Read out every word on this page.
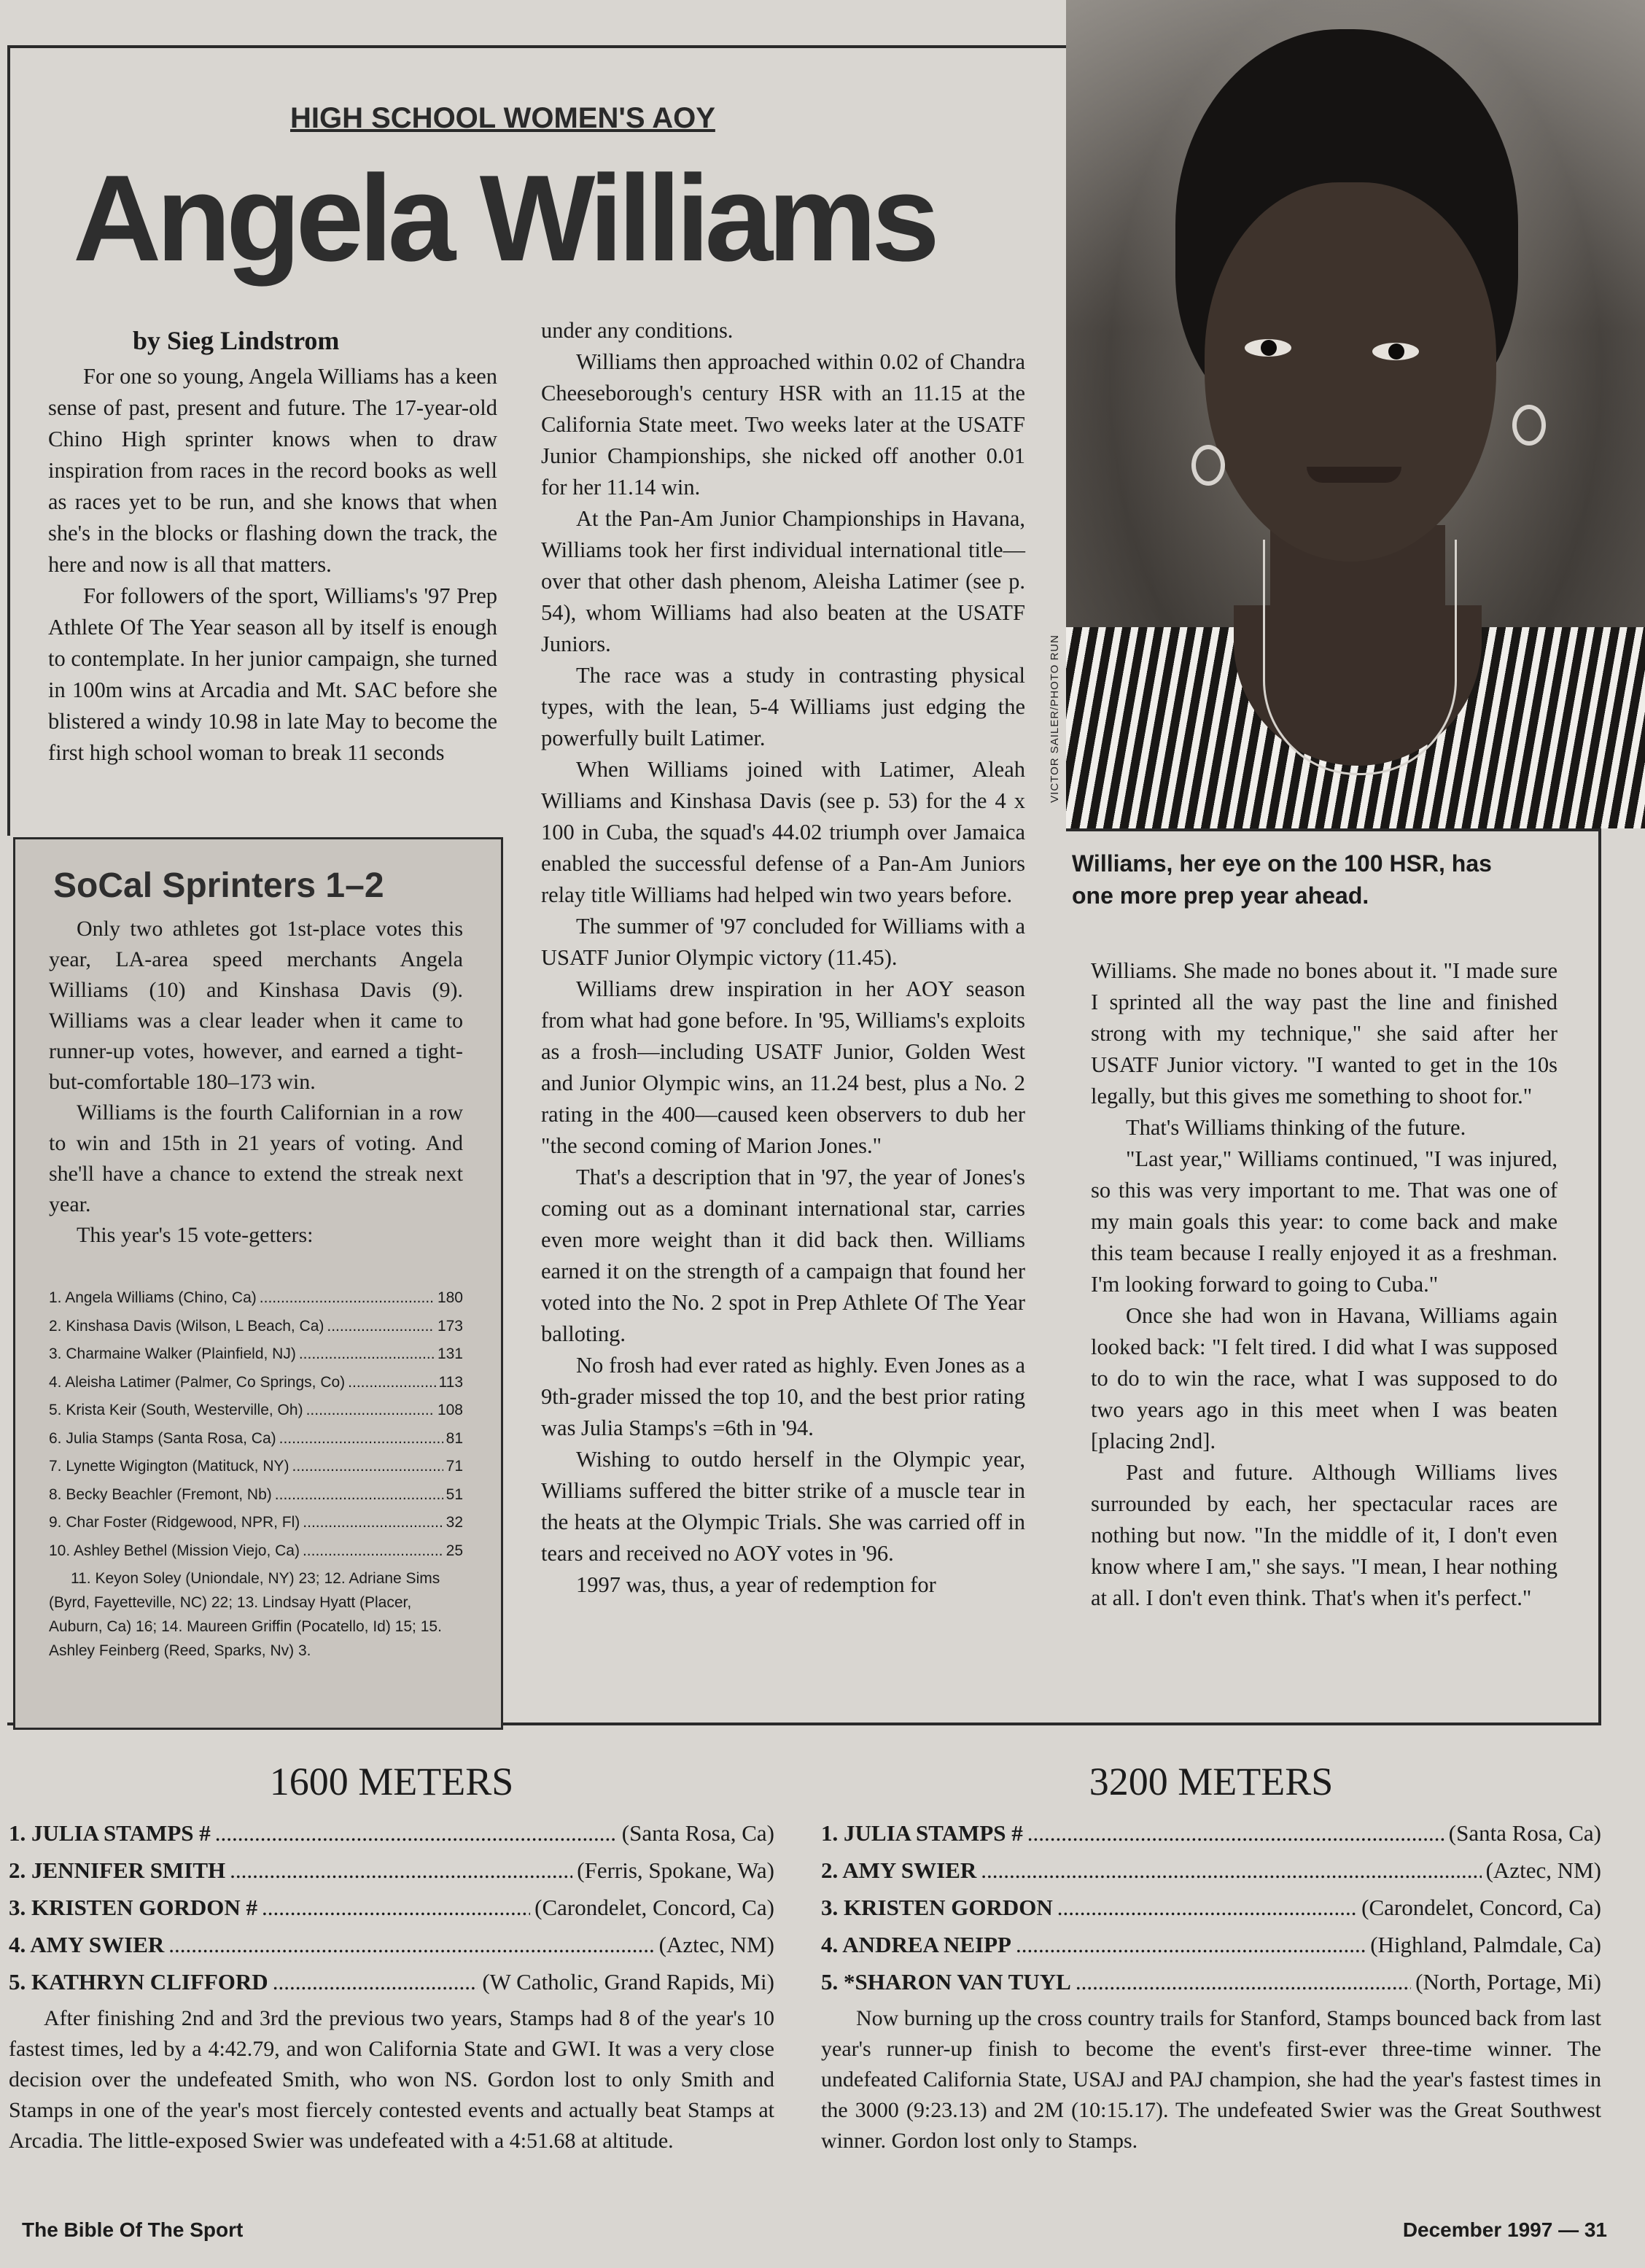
VICTOR SAILER/PHOTO RUN
HIGH SCHOOL WOMEN'S AOY
Angela Williams
by Sieg Lindstrom

For one so young, Angela Williams has a keen sense of past, present and future. The 17-year-old Chino High sprinter knows when to draw inspiration from races in the record books as well as races yet to be run, and she knows that when she's in the blocks or flashing down the track, the here and now is all that matters.

For followers of the sport, Williams's '97 Prep Athlete Of The Year season all by itself is enough to contemplate. In her junior campaign, she turned in 100m wins at Arcadia and Mt. SAC before she blistered a windy 10.98 in late May to become the first high school woman to break 11 seconds

under any conditions.

Williams then approached within 0.02 of Chandra Cheeseborough's century HSR with an 11.15 at the California State meet. Two weeks later at the USATF Junior Championships, she nicked off another 0.01 for her 11.14 win.

At the Pan-Am Junior Championships in Havana, Williams took her first individual international title—over that other dash phenom, Aleisha Latimer (see p. 54), whom Williams had also beaten at the USATF Juniors.

The race was a study in contrasting physical types, with the lean, 5-4 Williams just edging the powerfully built Latimer.

When Williams joined with Latimer, Aleah Williams and Kinshasa Davis (see p. 53) for the 4 x 100 in Cuba, the squad's 44.02 triumph over Jamaica enabled the successful defense of a Pan-Am Juniors relay title Williams had helped win two years before.

The summer of '97 concluded for Williams with a USATF Junior Olympic victory (11.45).

Williams drew inspiration in her AOY season from what had gone before. In '95, Williams's exploits as a frosh—including USATF Junior, Golden West and Junior Olympic wins, an 11.24 best, plus a No. 2 rating in the 400—caused keen observers to dub her "the second coming of Marion Jones."

That's a description that in '97, the year of Jones's coming out as a dominant international star, carries even more weight than it did back then. Williams earned it on the strength of a campaign that found her voted into the No. 2 spot in Prep Athlete Of The Year balloting.

No frosh had ever rated as highly. Even Jones as a 9th-grader missed the top 10, and the best prior rating was Julia Stamps's =6th in '94.

Wishing to outdo herself in the Olympic year, Williams suffered the bitter strike of a muscle tear in the heats at the Olympic Trials. She was carried off in tears and received no AOY votes in '96.

1997 was, thus, a year of redemption for

Williams, her eye on the 100 HSR, has one more prep year ahead.

Williams. She made no bones about it. "I made sure I sprinted all the way past the line and finished strong with my technique," she said after her USATF Junior victory. "I wanted to get in the 10s legally, but this gives me something to shoot for."

That's Williams thinking of the future.

"Last year," Williams continued, "I was injured, so this was very important to me. That was one of my main goals this year: to come back and make this team because I really enjoyed it as a freshman. I'm looking forward to going to Cuba."

Once she had won in Havana, Williams again looked back: "I felt tired. I did what I was supposed to do to win the race, what I was supposed to do two years ago in this meet when I was beaten [placing 2nd].

Past and future. Although Williams lives surrounded by each, her spectacular races are nothing but now. "In the middle of it, I don't even know where I am," she says. "I mean, I hear nothing at all. I don't even think. That's when it's perfect."

SoCal Sprinters 1–2

Only two athletes got 1st-place votes this year, LA-area speed merchants Angela Williams (10) and Kinshasa Davis (9). Williams was a clear leader when it came to runner-up votes, however, and earned a tight-but-comfortable 180–173 win.

Williams is the fourth Californian in a row to win and 15th in 21 years of voting. And she'll have a chance to extend the streak next year.

This year's 15 vote-getters:

1. Angela Williams (Chino, Ca) .....	180
2. Kinshasa Davis (Wilson, L Beach, Ca) .....	173
3. Charmaine Walker (Plainfield, NJ) .....	131
4. Aleisha Latimer (Palmer, Co Springs, Co) .....	113
5. Krista Keir (South, Westerville, Oh) .....	108
6. Julia Stamps (Santa Rosa, Ca) .....	81
7. Lynette Wigington (Matituck, NY) .....	71
8. Becky Beachler (Fremont, Nb) .....	51
9. Char Foster (Ridgewood, NPR, Fl) .....	32
10. Ashley Bethel (Mission Viejo, Ca) .....	25
11. Keyon Soley (Uniondale, NY) 23; 12. Adriane Sims (Byrd, Fayetteville, NC) 22; 13. Lindsay Hyatt (Placer, Auburn, Ca) 16; 14. Maureen Griffin (Pocatello, Id) 15; 15. Ashley Feinberg (Reed, Sparks, Nv) 3.
1600 METERS
1. JULIA STAMPS # .....	(Santa Rosa, Ca)
2. JENNIFER SMITH .....	(Ferris, Spokane, Wa)
3. KRISTEN GORDON # .....	(Carondelet, Concord, Ca)
4. AMY SWIER .....	(Aztec, NM)
5. KATHRYN CLIFFORD .....	(W Catholic, Grand Rapids, Mi)

After finishing 2nd and 3rd the previous two years, Stamps had 8 of the year's 10 fastest times, led by a 4:42.79, and won California State and GWI. It was a very close decision over the undefeated Smith, who won NS. Gordon lost to only Smith and Stamps in one of the year's most fiercely contested events and actually beat Stamps at Arcadia. The little-exposed Swier was undefeated with a 4:51.68 at altitude.

3200 METERS
1. JULIA STAMPS # .....	(Santa Rosa, Ca)
2. AMY SWIER .....	(Aztec, NM)
3. KRISTEN GORDON .....	(Carondelet, Concord, Ca)
4. ANDREA NEIPP .....	(Highland, Palmdale, Ca)
5. *SHARON VAN TUYL .....	(North, Portage, Mi)

Now burning up the cross country trails for Stanford, Stamps bounced back from last year's runner-up finish to become the event's first-ever three-time winner. The undefeated California State, USAJ and PAJ champion, she had the year's fastest times in the 3000 (9:23.13) and 2M (10:15.17). The undefeated Swier was the Great Southwest winner. Gordon lost only to Stamps.

The Bible Of The Sport	December 1997 — 31
